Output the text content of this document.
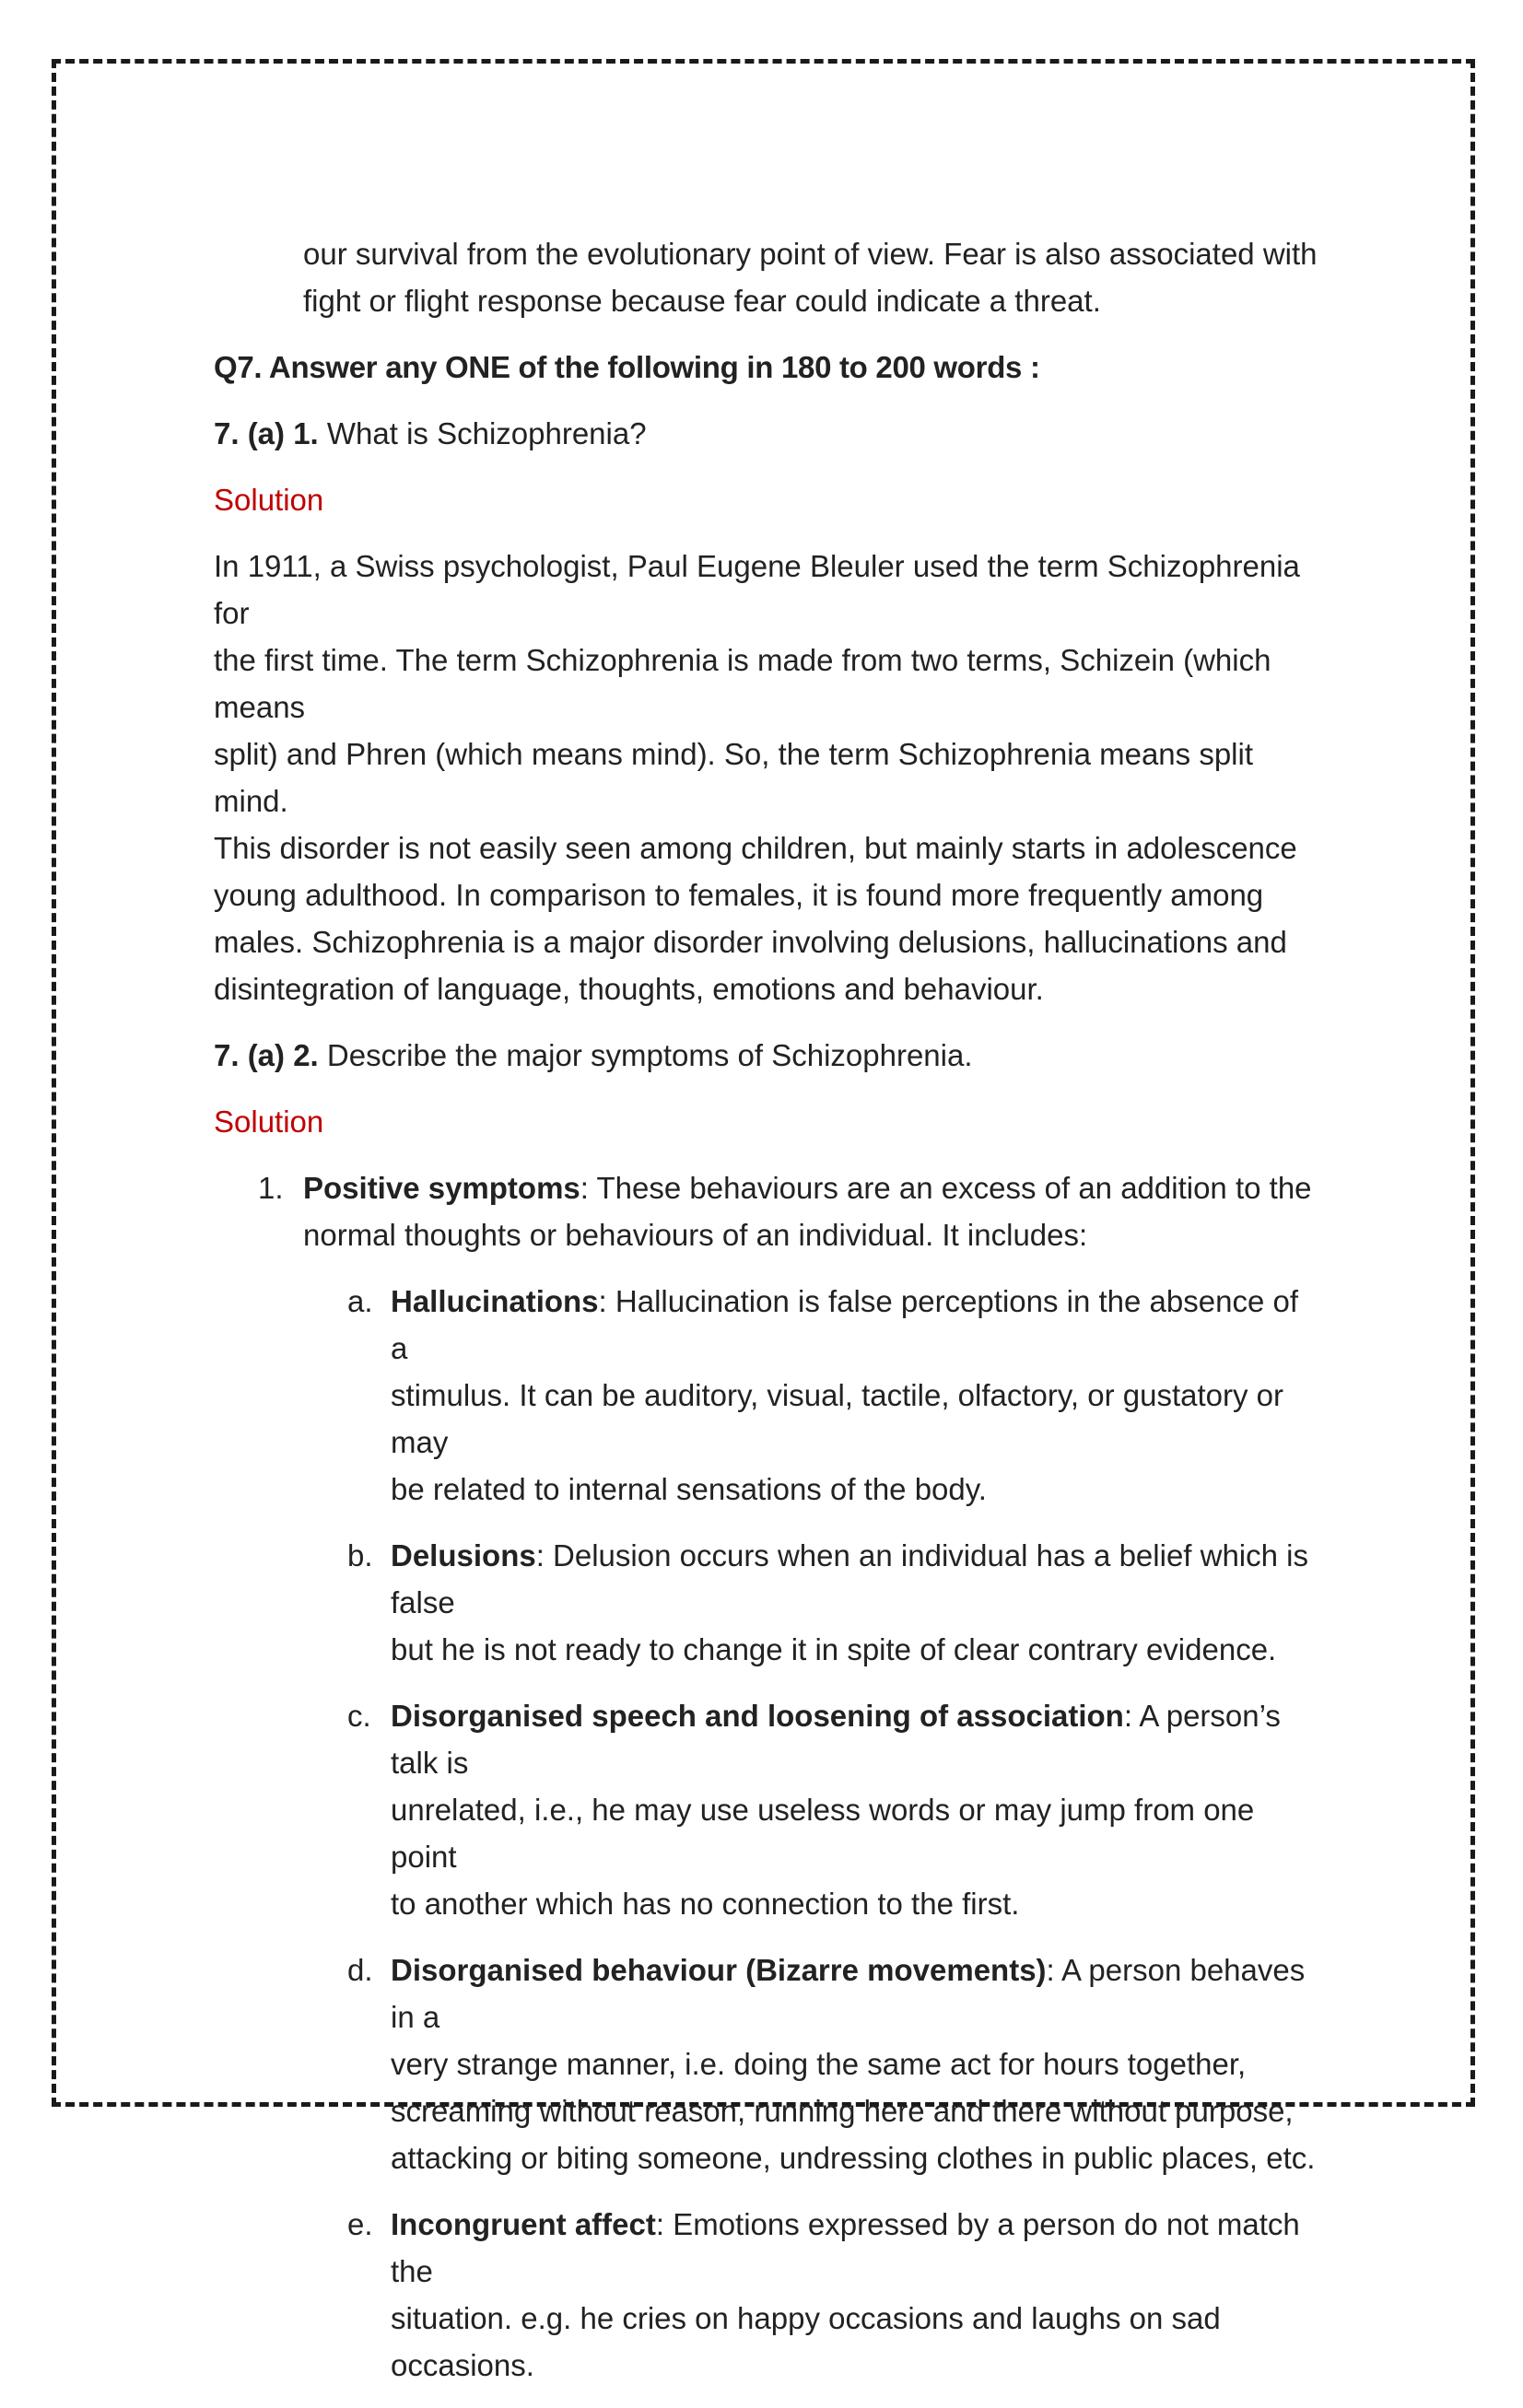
our survival from the evolutionary point of view. Fear is also associated with
fight or flight response because fear could indicate a threat.

Q7. Answer any ONE of the following in 180 to 200 words :

7. (a) 1. What is Schizophrenia?

Solution

In 1911, a Swiss psychologist, Paul Eugene Bleuler used the term Schizophrenia for
the first time. The term Schizophrenia is made from two terms, Schizein (which means
split) and Phren (which means mind). So, the term Schizophrenia means split mind.
This disorder is not easily seen among children, but mainly starts in adolescence
young adulthood. In comparison to females, it is found more frequently among
males. Schizophrenia is a major disorder involving delusions, hallucinations and
disintegration of language, thoughts, emotions and behaviour.

7. (a) 2. Describe the major symptoms of Schizophrenia.

Solution

1. Positive symptoms: These behaviours are an excess of an addition to the
normal thoughts or behaviours of an individual. It includes:
a. Hallucinations: Hallucination is false perceptions in the absence of a
stimulus. It can be auditory, visual, tactile, olfactory, or gustatory or may
be related to internal sensations of the body.
b. Delusions: Delusion occurs when an individual has a belief which is false
but he is not ready to change it in spite of clear contrary evidence.
c. Disorganised speech and loosening of association: A person’s talk is
unrelated, i.e., he may use useless words or may jump from one point
to another which has no connection to the first.
d. Disorganised behaviour (Bizarre movements): A person behaves in a
very strange manner, i.e. doing the same act for hours together,
screaming without reason, running here and there without purpose,
attacking or biting someone, undressing clothes in public places, etc.
e. Incongruent affect: Emotions expressed by a person do not match the
situation. e.g. he cries on happy occasions and laughs on sad occasions.
